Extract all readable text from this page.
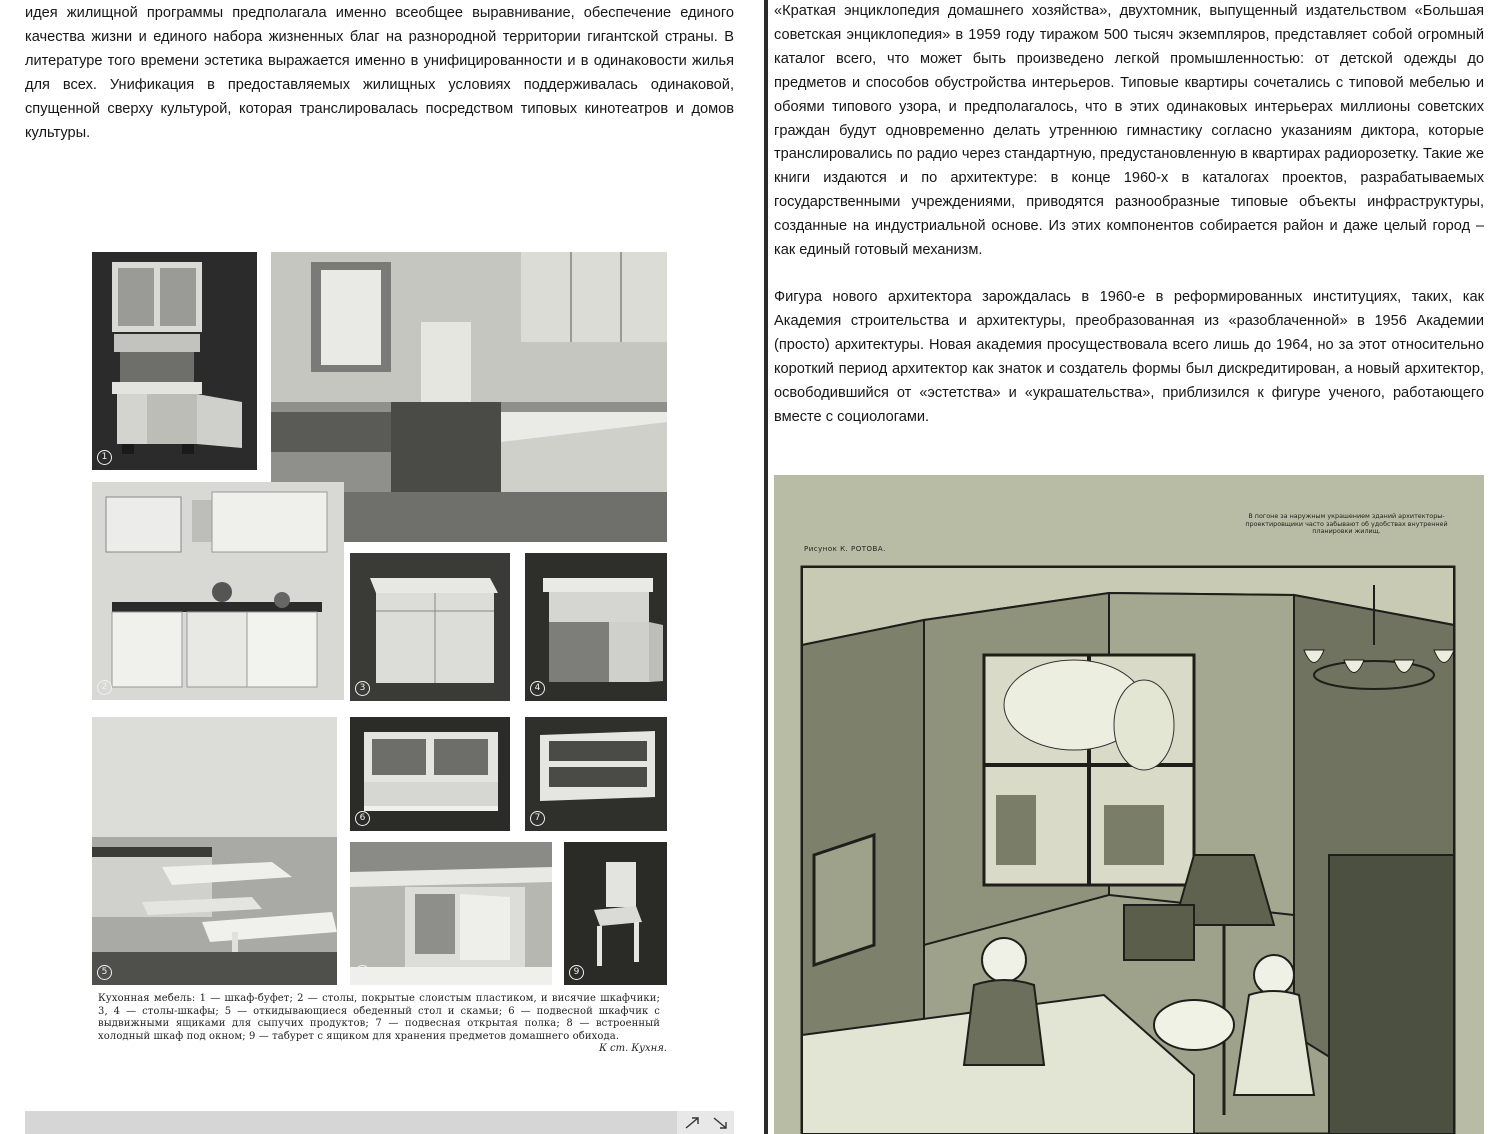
идея жилищной программы предполагала именно всеобщее выравнивание, обеспечение единого качества жизни и единого набора жизненных благ на разнородной территории гигантской страны. В литературе того времени эстетика выражается именно в унифицированности и в одинаковости жилья для всех. Унификация в предоставляемых жилищных условиях поддерживалась одинаковой, спущенной сверху культурой, которая транслировалась посредством типовых кинотеатров и домов культуры.

1
2	3	4
5
6	7
8	9

Кухонная мебель: 1 — шкаф-буфет; 2 — столы, покрытые слоистым пластиком, и висячие шкафчики; 3, 4 — столы-шкафы; 5 — откидывающиеся обеденный стол и скамьи; 6 — подвесной шкафчик с выдвижными ящиками для сыпучих продуктов; 7 — подвесная открытая полка; 8 — встроенный холодный шкаф под окном; 9 — табурет с ящиком для хранения предметов домашнего обихода.

К ст. Кухня.

«Краткая энциклопедия домашнего хозяйства», двухтомник, выпущенный издательством «Большая советская энциклопедия» в 1959 году тиражом 500 тысяч экземпляров, представляет собой огромный каталог всего, что может быть произведено легкой промышленностью: от детской одежды до предметов и способов обустройства интерьеров. Типовые квартиры сочетались с типовой мебелью и обоями типового узора, и предполагалось, что в этих одинаковых интерьерах миллионы советских граждан будут одновременно делать утреннюю гимнастику согласно указаниям диктора, которые транслировались по радио через стандартную, предустановленную в квартирах радиорозетку. Такие же книги издаются и по архитектуре: в конце 1960-х в каталогах проектов, разрабатываемых государственными учреждениями, приводятся разнообразные типовые объекты инфраструктуры, созданные на индустриальной основе. Из этих компонентов собирается район и даже целый город – как единый готовый механизм.

Фигура нового архитектора зарождалась в 1960-е в реформированных институциях, таких, как Академия строительства и архитектуры, преобразованная из «разоблаченной» в 1956 Академии (просто) архитектуры. Новая академия просуществовала всего лишь до 1964, но за этот относительно короткий период архитектор как знаток и создатель формы был дискредитирован, а новый архитектор, освободившийся от «эстетства» и «украшательства», приблизился к фигуре ученого, работающего вместе с социологами.

Рисунок К. РОТОВА.

В погоне за наружным украшением зданий архитекторы-проектировщики часто забывают об удобствах внутренней планировки жилищ.
